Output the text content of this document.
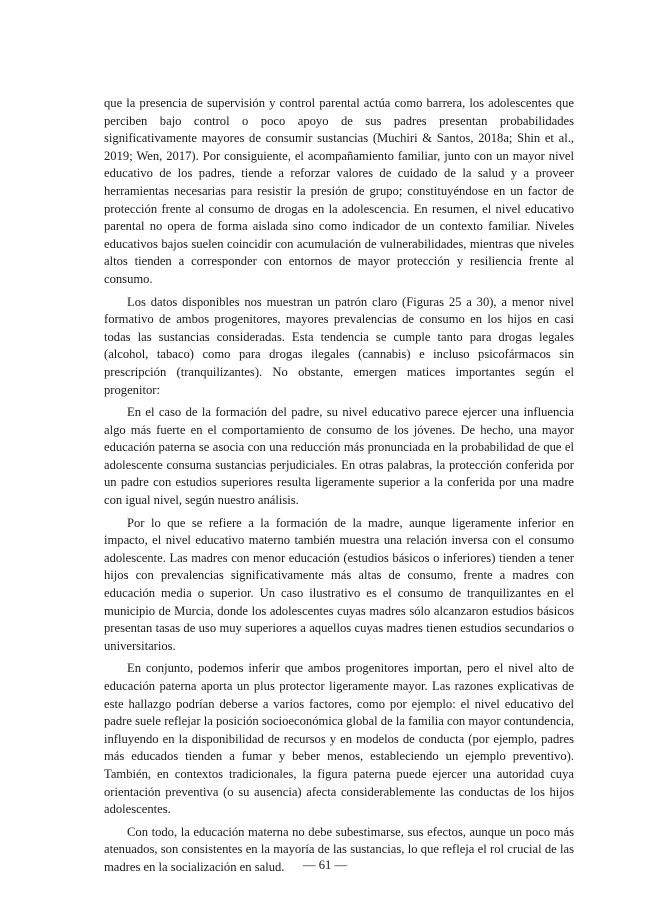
que la presencia de supervisión y control parental actúa como barrera, los adolescentes que perciben bajo control o poco apoyo de sus padres presentan probabilidades significativamente mayores de consumir sustancias (Muchiri & Santos, 2018a; Shin et al., 2019; Wen, 2017). Por consiguiente, el acompañamiento familiar, junto con un mayor nivel educativo de los padres, tiende a reforzar valores de cuidado de la salud y a proveer herramientas necesarias para resistir la presión de grupo; constituyéndose en un factor de protección frente al consumo de drogas en la adolescencia. En resumen, el nivel educativo parental no opera de forma aislada sino como indicador de un contexto familiar. Niveles educativos bajos suelen coincidir con acumulación de vulnerabilidades, mientras que niveles altos tienden a corresponder con entornos de mayor protección y resiliencia frente al consumo.

Los datos disponibles nos muestran un patrón claro (Figuras 25 a 30), a menor nivel formativo de ambos progenitores, mayores prevalencias de consumo en los hijos en casi todas las sustancias consideradas. Esta tendencia se cumple tanto para drogas legales (alcohol, tabaco) como para drogas ilegales (cannabis) e incluso psicofármacos sin prescripción (tranquilizantes). No obstante, emergen matices importantes según el progenitor:

En el caso de la formación del padre, su nivel educativo parece ejercer una influencia algo más fuerte en el comportamiento de consumo de los jóvenes. De hecho, una mayor educación paterna se asocia con una reducción más pronunciada en la probabilidad de que el adolescente consuma sustancias perjudiciales. En otras palabras, la protección conferida por un padre con estudios superiores resulta ligeramente superior a la conferida por una madre con igual nivel, según nuestro análisis.

Por lo que se refiere a la formación de la madre, aunque ligeramente inferior en impacto, el nivel educativo materno también muestra una relación inversa con el consumo adolescente. Las madres con menor educación (estudios básicos o inferiores) tienden a tener hijos con prevalencias significativamente más altas de consumo, frente a madres con educación media o superior. Un caso ilustrativo es el consumo de tranquilizantes en el municipio de Murcia, donde los adolescentes cuyas madres sólo alcanzaron estudios básicos presentan tasas de uso muy superiores a aquellos cuyas madres tienen estudios secundarios o universitarios.

En conjunto, podemos inferir que ambos progenitores importan, pero el nivel alto de educación paterna aporta un plus protector ligeramente mayor. Las razones explicativas de este hallazgo podrían deberse a varios factores, como por ejemplo: el nivel educativo del padre suele reflejar la posición socioeconómica global de la familia con mayor contundencia, influyendo en la disponibilidad de recursos y en modelos de conducta (por ejemplo, padres más educados tienden a fumar y beber menos, estableciendo un ejemplo preventivo). También, en contextos tradicionales, la figura paterna puede ejercer una autoridad cuya orientación preventiva (o su ausencia) afecta considerablemente las conductas de los hijos adolescentes.

Con todo, la educación materna no debe subestimarse, sus efectos, aunque un poco más atenuados, son consistentes en la mayoría de las sustancias, lo que refleja el rol crucial de las madres en la socialización en salud.	— 61 —
